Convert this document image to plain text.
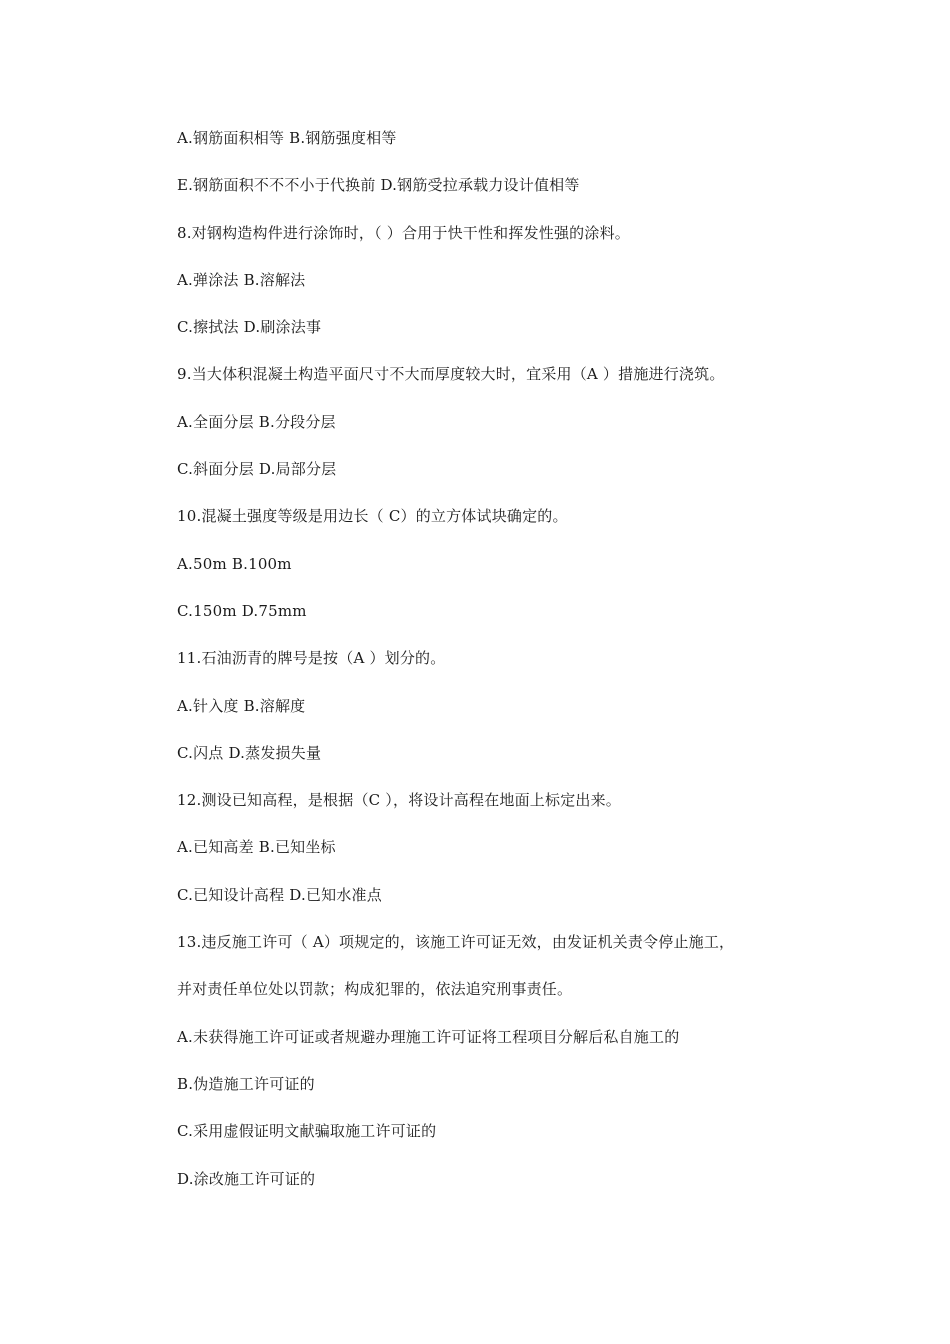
A.钢筋面积相等 B.钢筋强度相等
E.钢筋面积不不不小于代换前 D.钢筋受拉承载力设计值相等
8.对钢构造构件进行涂饰时，（ ）合用于快干性和挥发性强的涂料。
A.弹涂法 B.溶解法
C.擦拭法 D.刷涂法事
9.当大体积混凝土构造平面尺寸不大而厚度较大时，宜采用（A ）措施进行浇筑。
A.全面分层 B.分段分层
C.斜面分层 D.局部分层
10.混凝土强度等级是用边长（ C）的立方体试块确定的。
A.50m B.100m
C.150m D.75mm
11.石油沥青的牌号是按（A ）划分的。
A.针入度 B.溶解度
C.闪点 D.蒸发损失量
12.测设已知高程，是根据（C ），将设计高程在地面上标定出来。
A.已知高差 B.已知坐标
C.已知设计高程 D.已知水准点
13.违反施工许可（ A）项规定的，该施工许可证无效，由发证机关责令停止施工，
并对责任单位处以罚款；构成犯罪的，依法追究刑事责任。
A.未获得施工许可证或者规避办理施工许可证将工程项目分解后私自施工的
B.伪造施工许可证的
C.采用虚假证明文献骗取施工许可证的
D.涂改施工许可证的
